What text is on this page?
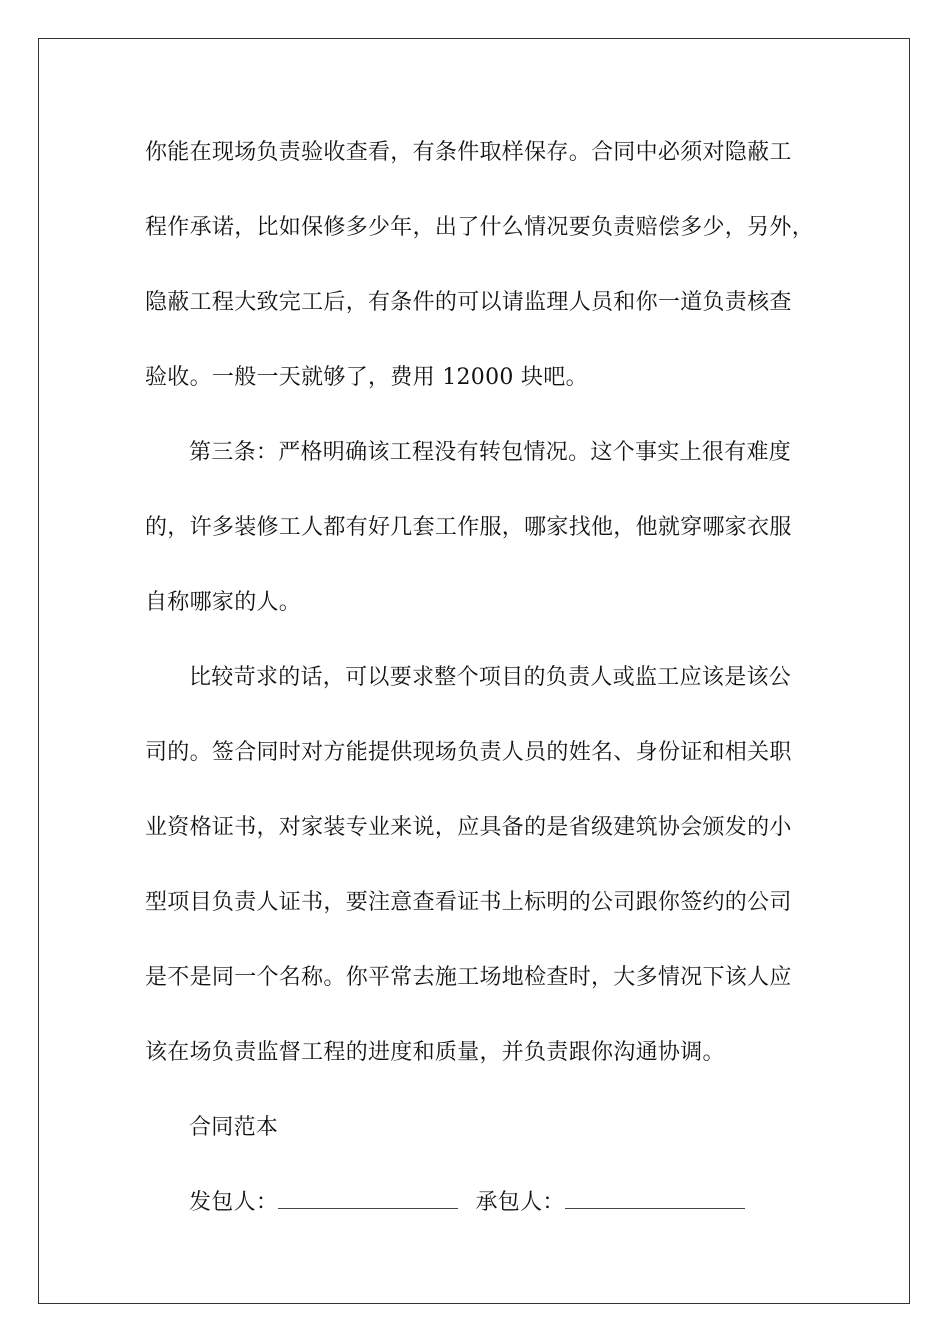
你能在现场负责验收查看，有条件取样保存。合同中必须对隐蔽工
程作承诺，比如保修多少年，出了什么情况要负责赔偿多少，另外，
隐蔽工程大致完工后，有条件的可以请监理人员和你一道负责核查
验收。一般一天就够了，费用 12000 块吧。
第三条：严格明确该工程没有转包情况。这个事实上很有难度
的，许多装修工人都有好几套工作服，哪家找他，他就穿哪家衣服
自称哪家的人。
比较苛求的话，可以要求整个项目的负责人或监工应该是该公
司的。签合同时对方能提供现场负责人员的姓名、身份证和相关职
业资格证书，对家装专业来说，应具备的是省级建筑协会颁发的小
型项目负责人证书，要注意查看证书上标明的公司跟你签约的公司
是不是同一个名称。你平常去施工场地检查时，大多情况下该人应
该在场负责监督工程的进度和质量，并负责跟你沟通协调。
合同范本
发包人：	承包人：
